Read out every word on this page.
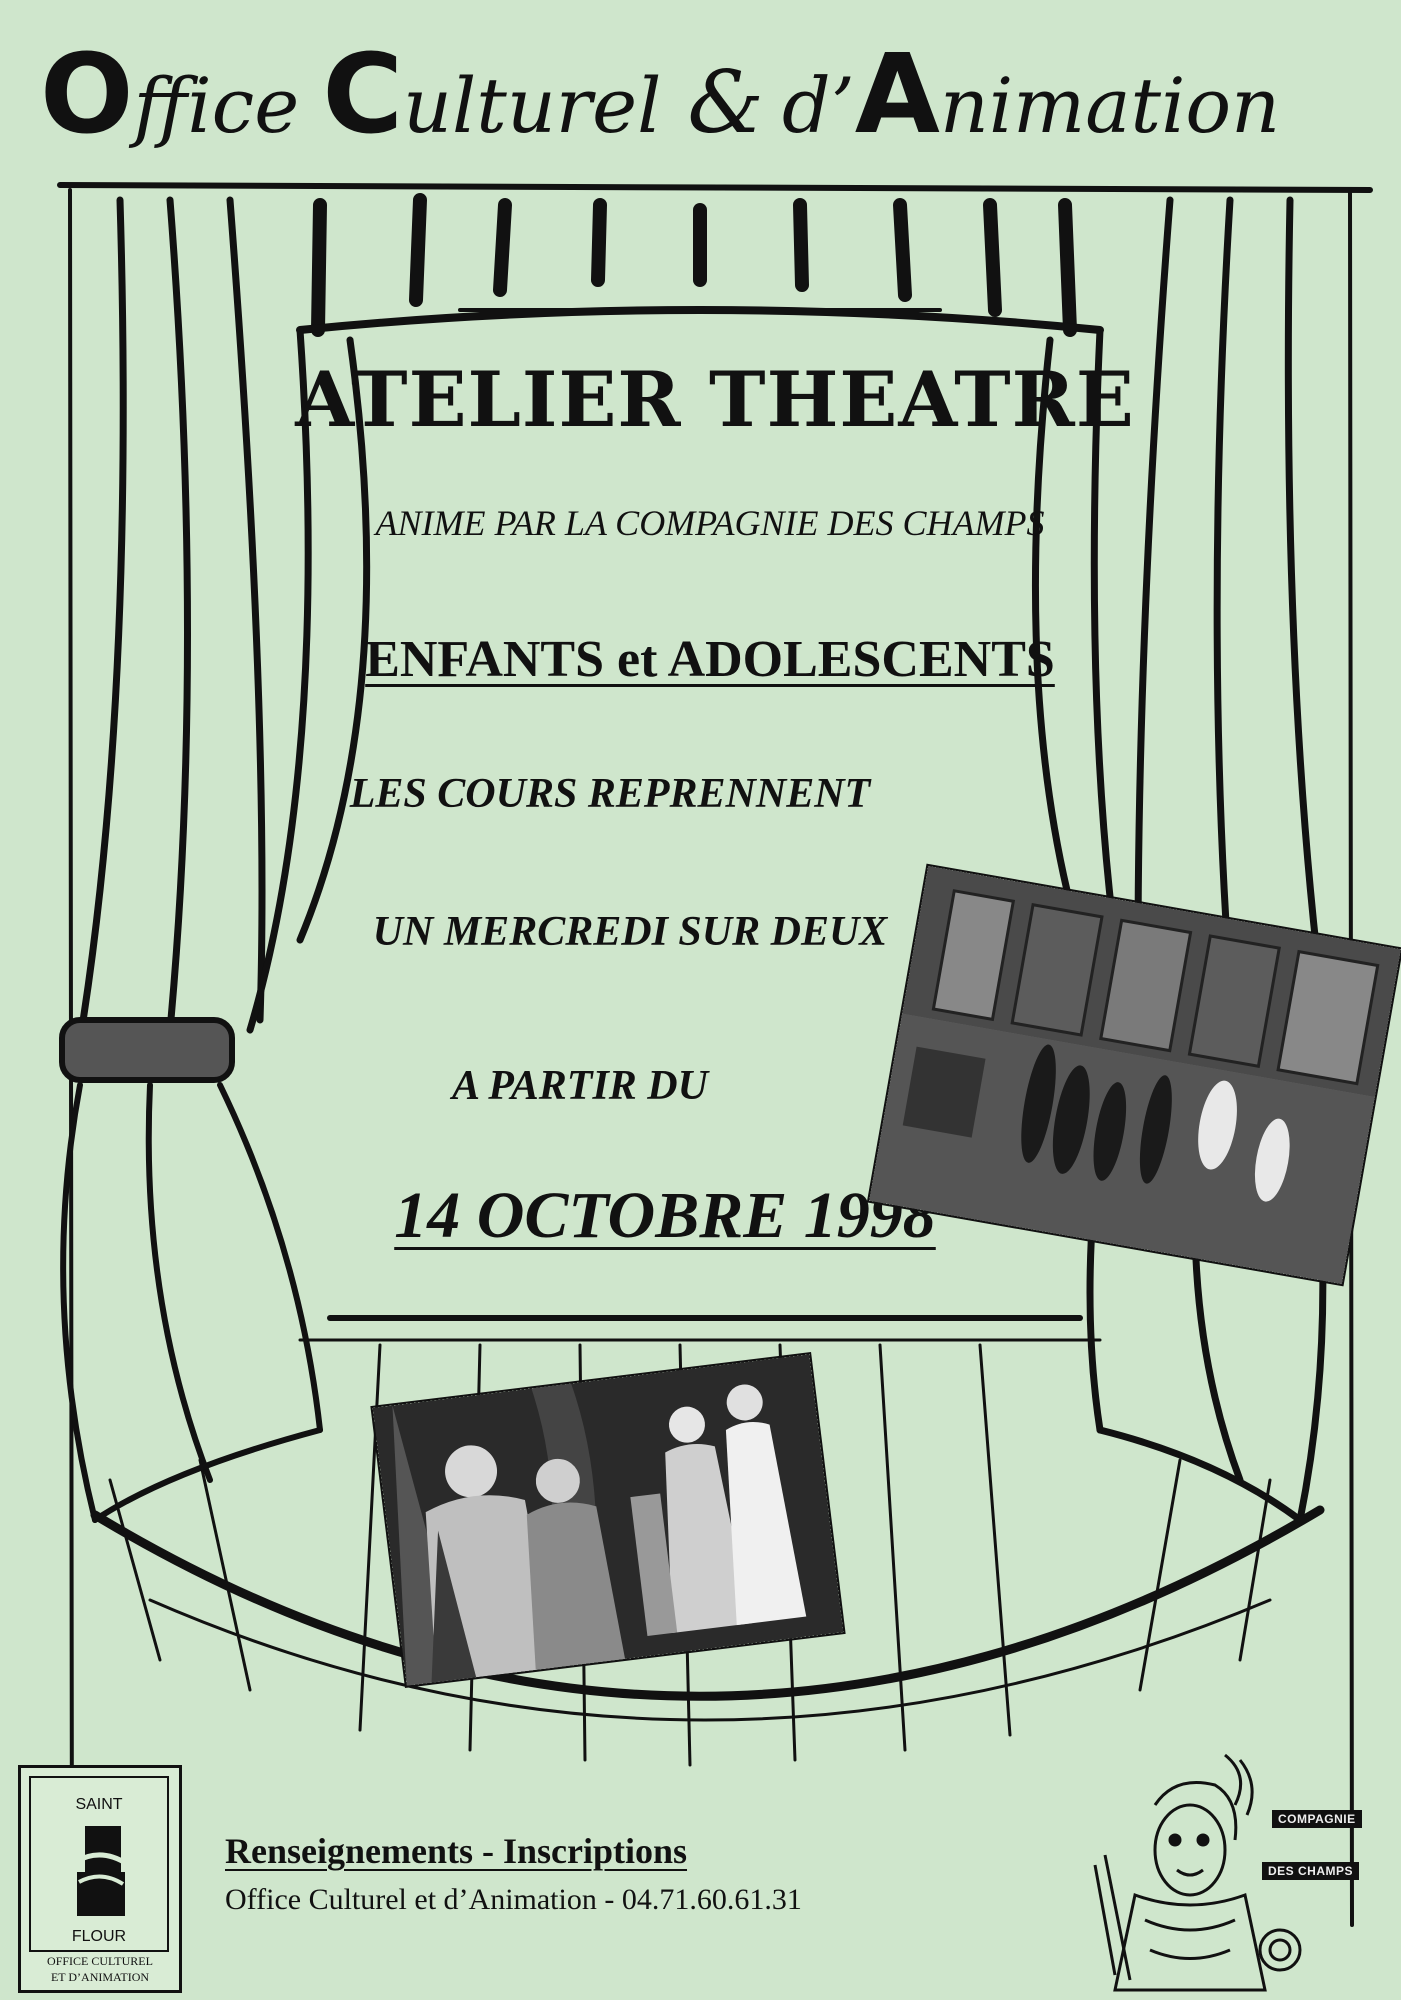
Office Culturel & d’Animation
ATELIER THEATRE
ANIME PAR LA COMPAGNIE DES CHAMPS
ENFANTS et ADOLESCENTS
LES COURS REPRENNENT
UN MERCREDI SUR DEUX
A PARTIR DU
14 OCTOBRE 1998
SAINT
FLOUR
OFFICE CULTUREL
ET D’ANIMATION
Renseignements - Inscriptions
Office Culturel et d’Animation - 04.71.60.61.31
COMPAGNIE
DES CHAMPS
